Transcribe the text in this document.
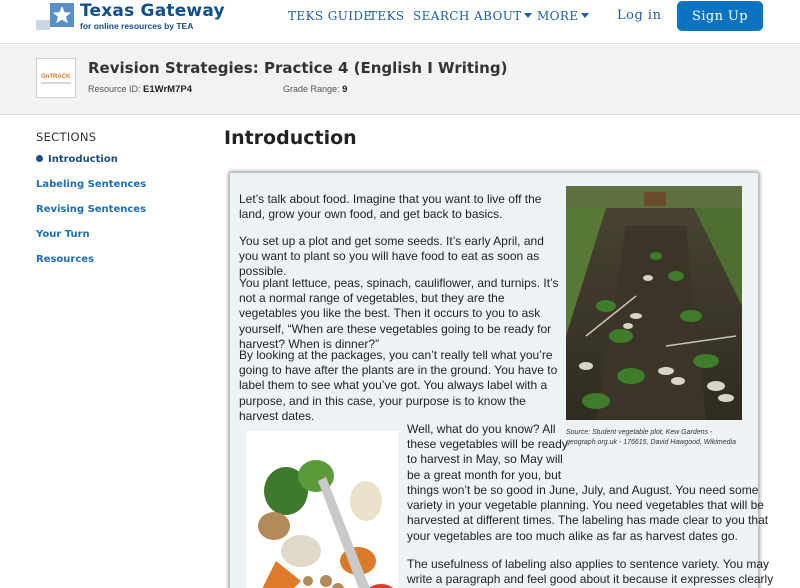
Texas Gateway
for online resources by TEA
TEKS GUIDE
TEKS SEARCH ABOUT	MORE	Log in	Sign Up
OnTRACK Revision Strategies: Practice 4 (English I Writing)
Resource ID: E1WrM7P4	Grade Range: 9
SECTIONS
Introduction
Labeling Sentences
Revising Sentences
Your Turn
Resources
Introduction

Let’s talk about food. Imagine that you want to live off the land, grow your own food, and get back to basics.

You set up a plot and get some seeds. It’s early April, and you want to plant so you will have food to eat as soon as possible.

You plant lettuce, peas, spinach, cauliflower, and turnips. It’s not a normal range of vegetables, but they are the vegetables you like the best. Then it occurs to you to ask yourself, “When are these vegetables going to be ready for harvest? When is dinner?”

By looking at the packages, you can’t really tell what you’re going to have after the plants are in the ground. You have to label them to see what you’ve got. You always label with a purpose, and in this case, your purpose is to know the harvest dates.

Source: Student vegetable plot, Kew Gardens - geograph.org.uk - 176615, David Hawgood, Wikimedia

Well, what do you know? All
these vegetables will be ready
to harvest in May, so May will
be a great month for you, but

things won’t be so good in June, July, and August. You need some
variety in your vegetable planning. You need vegetables that will be
harvested at different times. The labeling has made clear to you that
your vegetables are too much alike as far as harvest dates go.

The usefulness of labeling also applies to sentence variety. You may
write a paragraph and feel good about it because it expresses clearly
